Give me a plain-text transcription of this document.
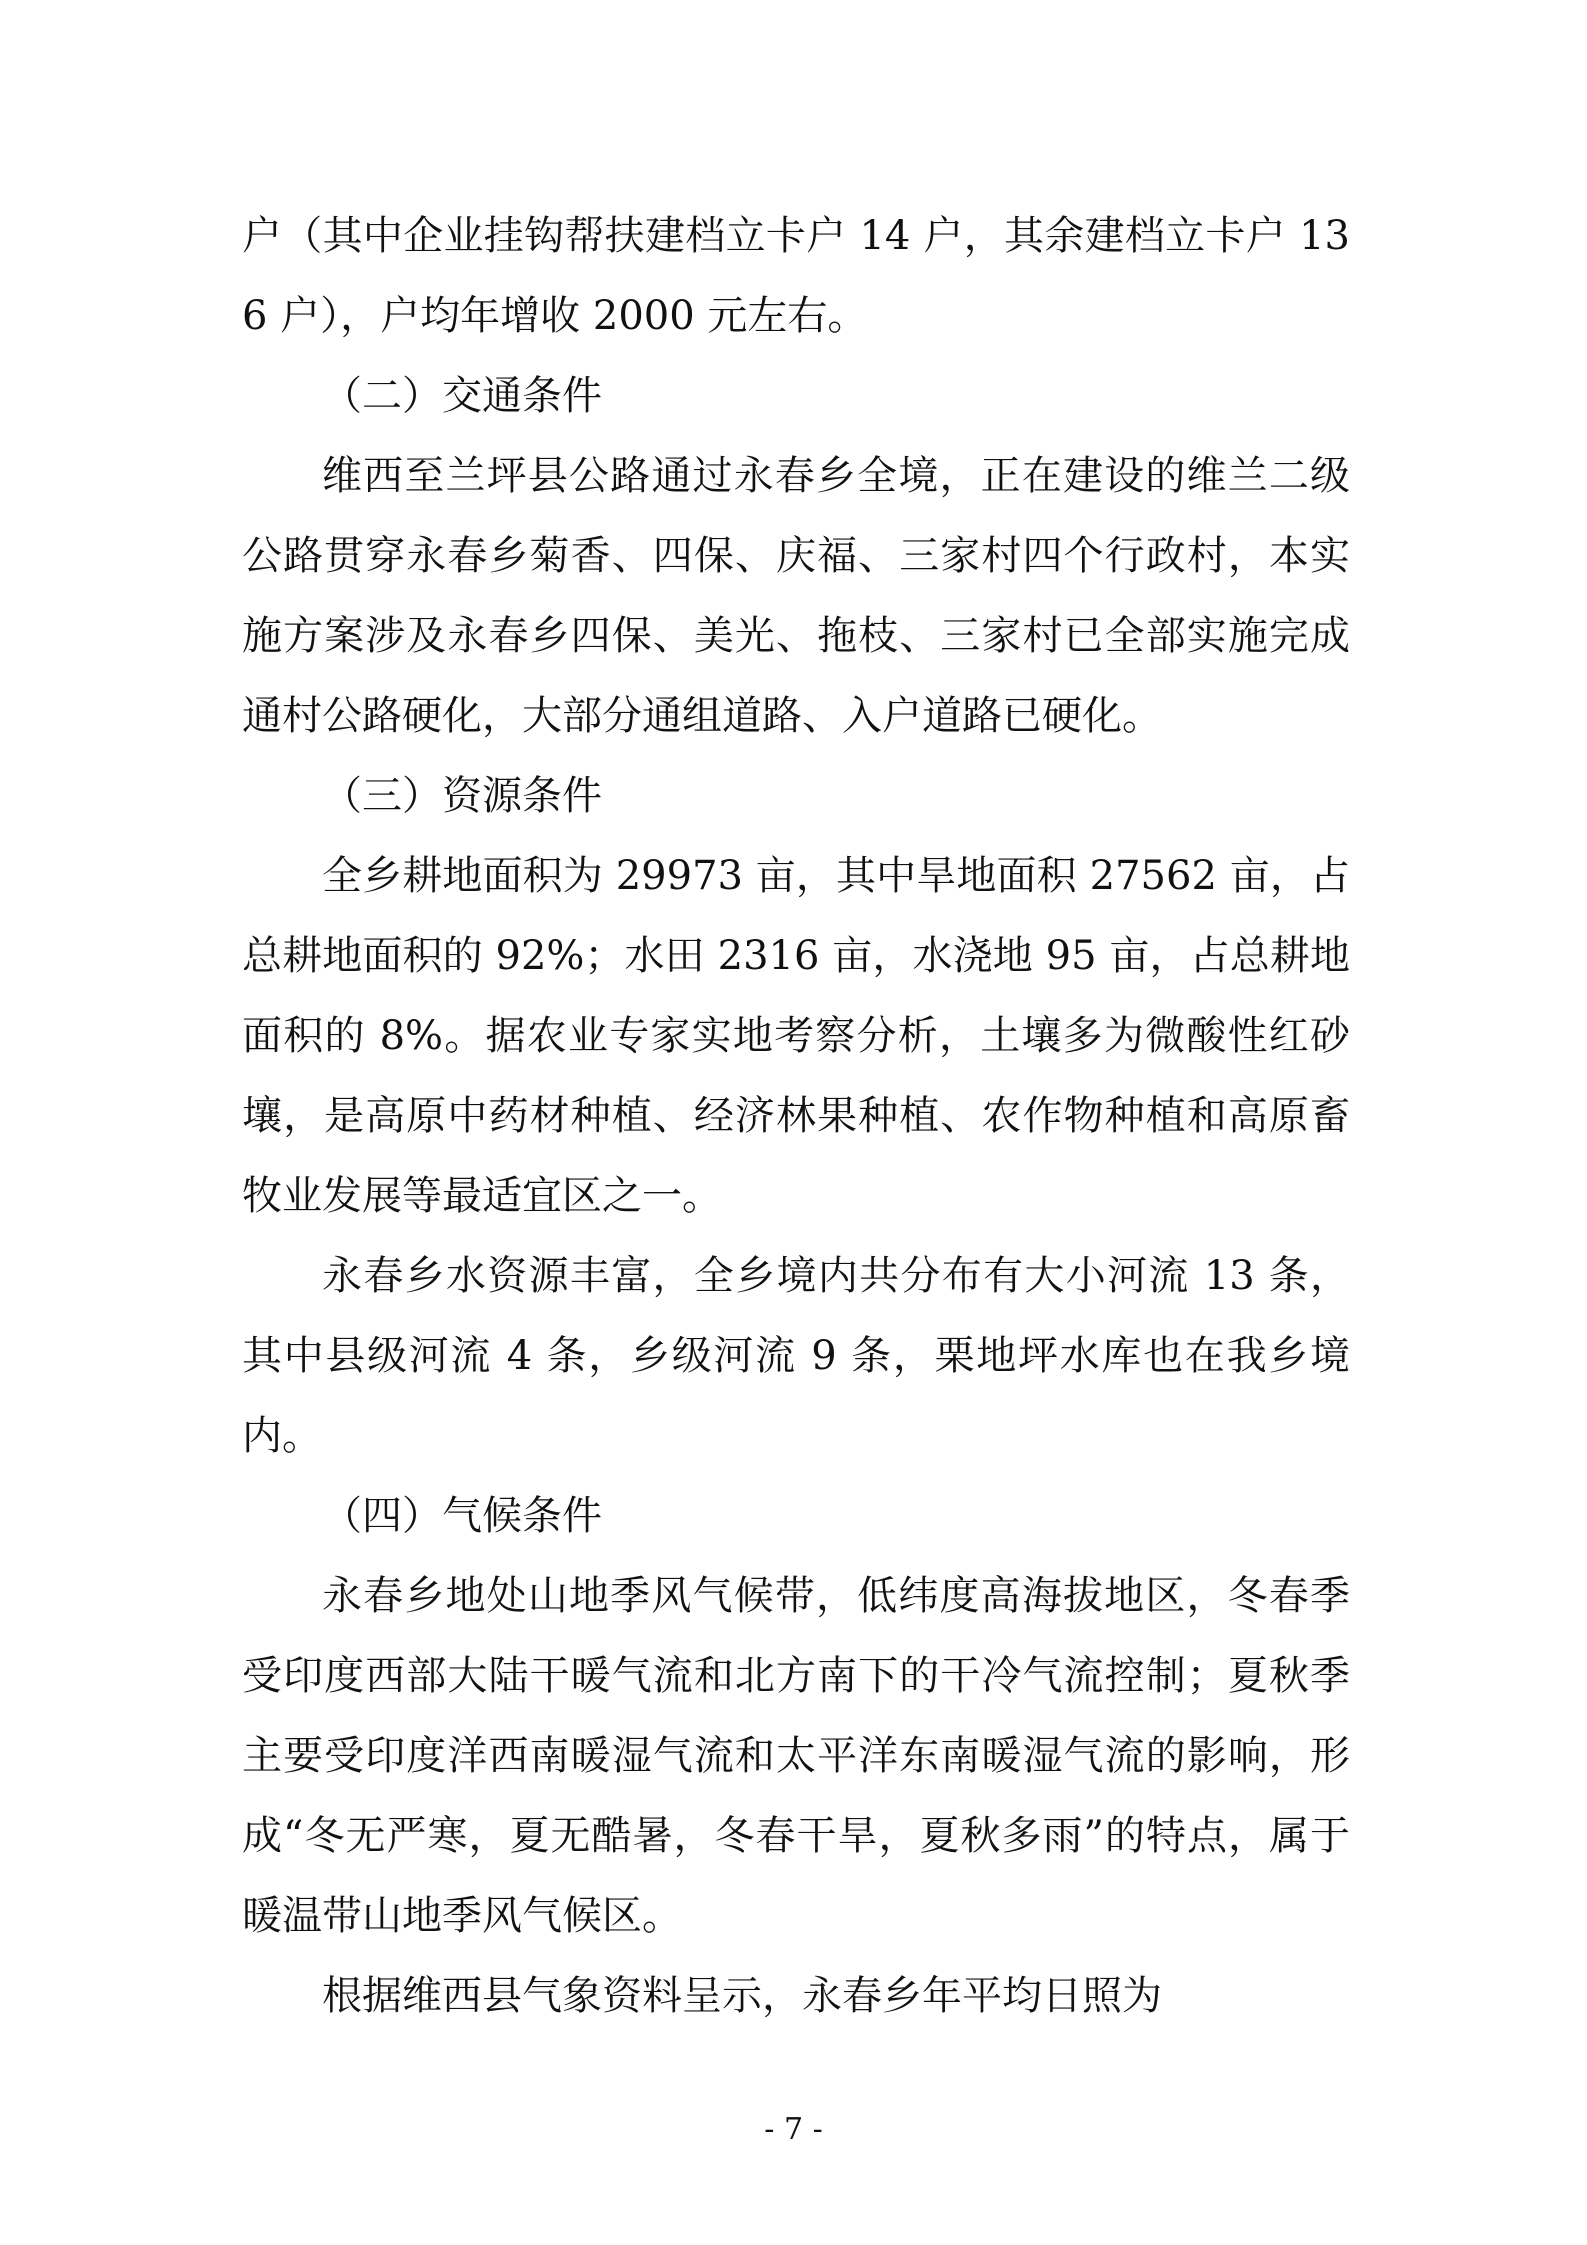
户（其中企业挂钩帮扶建档立卡户 14 户，其余建档立卡户 136 户），户均年增收 2000 元左右。

（二）交通条件

维西至兰坪县公路通过永春乡全境，正在建设的维兰二级公路贯穿永春乡菊香、四保、庆福、三家村四个行政村，本实施方案涉及永春乡四保、美光、拖枝、三家村已全部实施完成通村公路硬化，大部分通组道路、入户道路已硬化。

（三）资源条件

全乡耕地面积为 29973 亩，其中旱地面积 27562 亩，占总耕地面积的 92%；水田 2316 亩，水浇地 95 亩，占总耕地面积的 8%。据农业专家实地考察分析，土壤多为微酸性红砂壤，是高原中药材种植、经济林果种植、农作物种植和高原畜牧业发展等最适宜区之一。

永春乡水资源丰富，全乡境内共分布有大小河流 13 条，其中县级河流 4 条，乡级河流 9 条，栗地坪水库也在我乡境内。

（四）气候条件

永春乡地处山地季风气候带，低纬度高海拔地区，冬春季受印度西部大陆干暖气流和北方南下的干冷气流控制；夏秋季主要受印度洋西南暖湿气流和太平洋东南暖湿气流的影响，形成“冬无严寒，夏无酷暑，冬春干旱，夏秋多雨”的特点，属于暖温带山地季风气候区。

根据维西县气象资料呈示，永春乡年平均日照为

- 7 -
